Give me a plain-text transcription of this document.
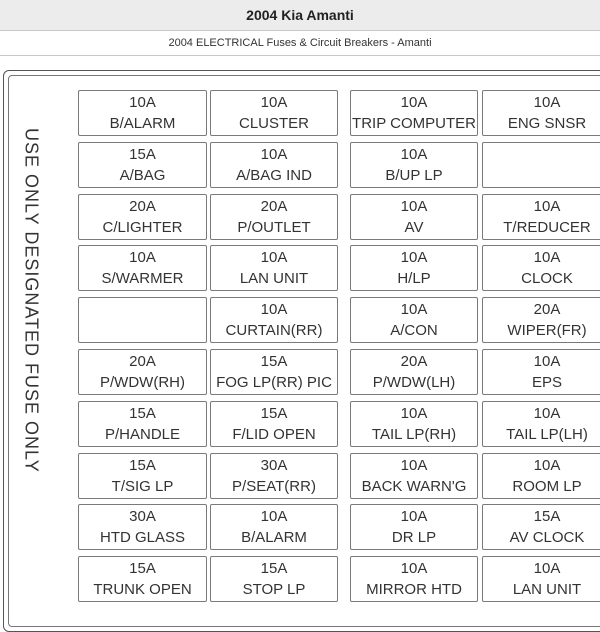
2004 Kia Amanti
2004 ELECTRICAL Fuses & Circuit Breakers - Amanti
USE ONLY DESIGNATED FUSE ONLY
10A
B/ALARM
10A
CLUSTER
10A
TRIP COMPUTER
10A
ENG SNSR
15A
A/BAG
10A
A/BAG IND
10A
B/UP LP
20A
C/LIGHTER
20A
P/OUTLET
10A
AV
10A
T/REDUCER
10A
S/WARMER
10A
LAN UNIT
10A
H/LP
10A
CLOCK
10A
CURTAIN(RR)
10A
A/CON
20A
WIPER(FR)
20A
P/WDW(RH)
15A
FOG LP(RR) PIC
20A
P/WDW(LH)
10A
EPS
15A
P/HANDLE
15A
F/LID OPEN
10A
TAIL LP(RH)
10A
TAIL LP(LH)
15A
T/SIG LP
30A
P/SEAT(RR)
10A
BACK WARN'G
10A
ROOM LP
30A
HTD GLASS
10A
B/ALARM
10A
DR LP
15A
AV CLOCK
15A
TRUNK OPEN
15A
STOP LP
10A
MIRROR HTD
10A
LAN UNIT
